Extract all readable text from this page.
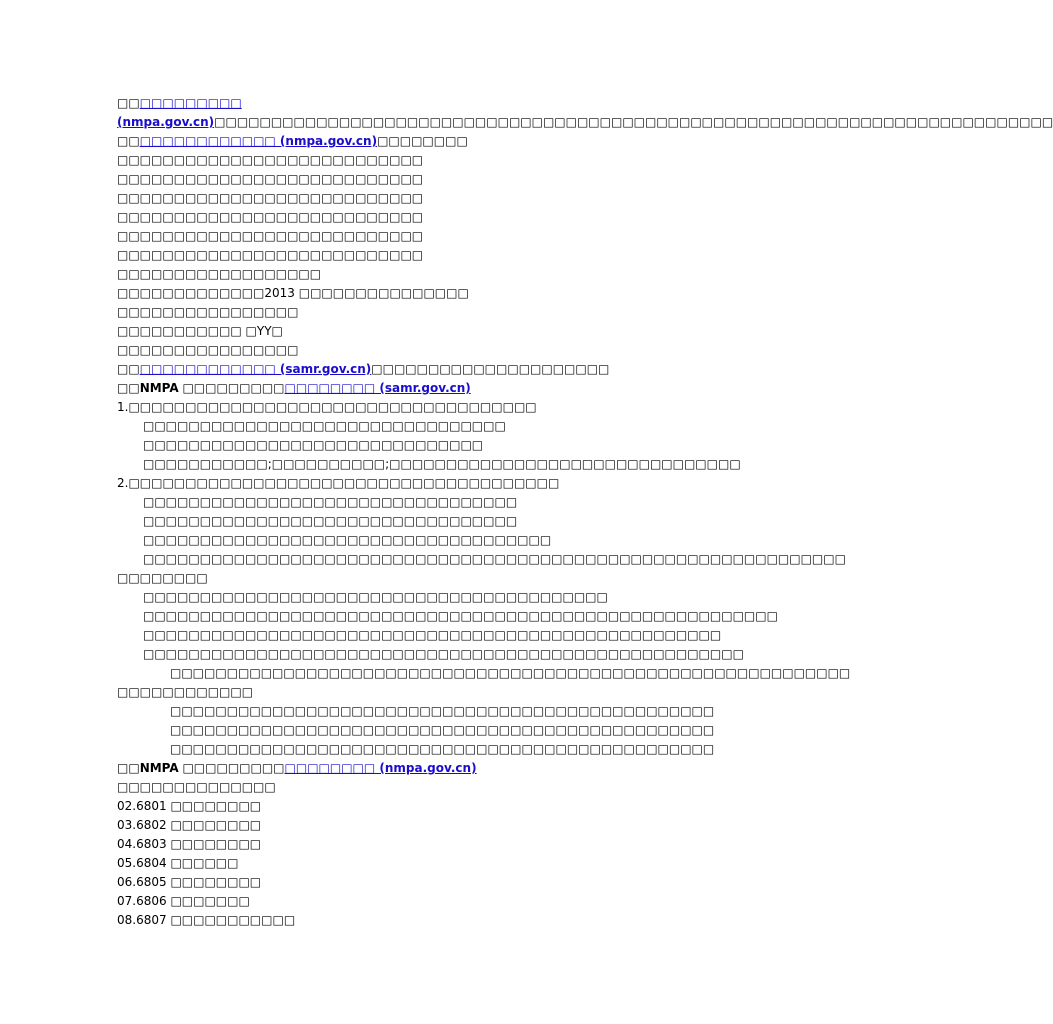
□□□□□□□□□□□ (nmpa.gov.cn)□□□□□□□□□□□□□□□□□□□□□□□□□□□□□□□□□□□□□□□□□□□□□□□□□□□□□□□□□□□□□□□□□□□□□□□□□□
□□□□□□□□□□□□□□ (nmpa.gov.cn)□□□□□□□□
□□□□□□□□□□□□□□□□□□□□□□□□□□□
□□□□□□□□□□□□□□□□□□□□□□□□□□□
□□□□□□□□□□□□□□□□□□□□□□□□□□□
□□□□□□□□□□□□□□□□□□□□□□□□□□□
□□□□□□□□□□□□□□□□□□□□□□□□□□□
□□□□□□□□□□□□□□□□□□□□□□□□□□□
□□□□□□□□□□□□□□□□□□
□□□□□□□□□□□□□2013 □□□□□□□□□□□□□□□
□□□□□□□□□□□□□□□□
□□□□□□□□□□□ □YY□
□□□□□□□□□□□□□□□□
□□□□□□□□□□□□□□ (samr.gov.cn)□□□□□□□□□□□□□□□□□□□□□
□□NMPA □□□□□□□□□□□□□□□□□ (samr.gov.cn)
1.□□□□□□□□□□□□□□□□□□□□□□□□□□□□□□□□□□□□
□□□□□□□□□□□□□□□□□□□□□□□□□□□□□□□□
□□□□□□□□□□□□□□□□□□□□□□□□□□□□□□
□□□□□□□□□□□;□□□□□□□□□□;□□□□□□□□□□□□□□□□□□□□□□□□□□□□□□□
2.□□□□□□□□□□□□□□□□□□□□□□□□□□□□□□□□□□□□□□
□□□□□□□□□□□□□□□□□□□□□□□□□□□□□□□□□
□□□□□□□□□□□□□□□□□□□□□□□□□□□□□□□□□
□□□□□□□□□□□□□□□□□□□□□□□□□□□□□□□□□□□□
□□□□□□□□□□□□□□□□□□□□□□□□□□□□□□□□□□□□□□□□□□□□□□□□□□□□□□□□□□□□□□
□□□□□□□□
□□□□□□□□□□□□□□□□□□□□□□□□□□□□□□□□□□□□□□□□□
□□□□□□□□□□□□□□□□□□□□□□□□□□□□□□□□□□□□□□□□□□□□□□□□□□□□□□□□
□□□□□□□□□□□□□□□□□□□□□□□□□□□□□□□□□□□□□□□□□□□□□□□□□□□
□□□□□□□□□□□□□□□□□□□□□□□□□□□□□□□□□□□□□□□□□□□□□□□□□□□□□
□□□□□□□□□□□□□□□□□□□□□□□□□□□□□□□□□□□□□□□□□□□□□□□□□□□□□□□□□□□□
□□□□□□□□□□□□
□□□□□□□□□□□□□□□□□□□□□□□□□□□□□□□□□□□□□□□□□□□□□□□□
□□□□□□□□□□□□□□□□□□□□□□□□□□□□□□□□□□□□□□□□□□□□□□□□
□□□□□□□□□□□□□□□□□□□□□□□□□□□□□□□□□□□□□□□□□□□□□□□□
□□NMPA □□□□□□□□□□□□□□□□□ (nmpa.gov.cn)
□□□□□□□□□□□□□□
02.6801 □□□□□□□□
03.6802 □□□□□□□□
04.6803 □□□□□□□□
05.6804 □□□□□□
06.6805 □□□□□□□□
07.6806 □□□□□□□
08.6807 □□□□□□□□□□□
